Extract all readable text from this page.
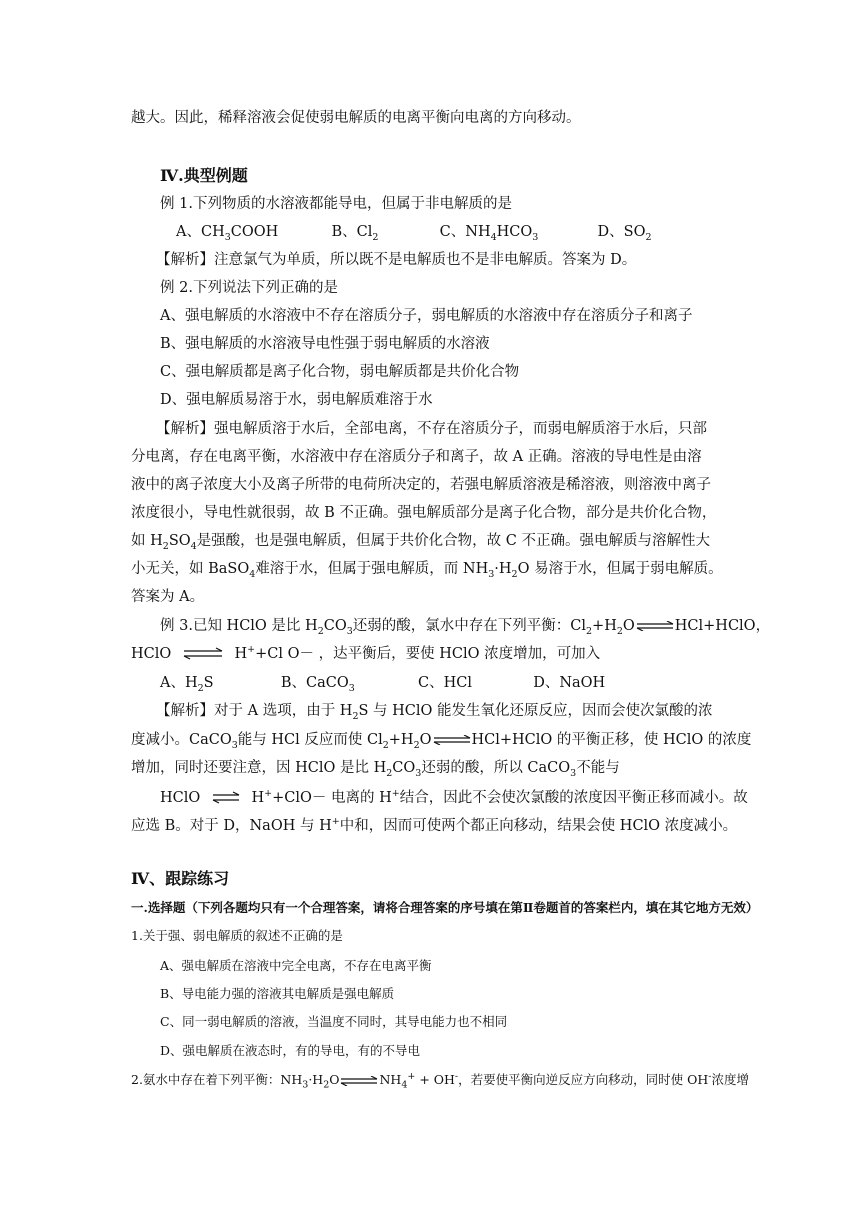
越大。因此，稀释溶液会促使弱电解质的电离平衡向电离的方向移动。
Ⅳ.典型例题
例 1.下列物质的水溶液都能导电，但属于非电解质的是
A、$CH_3COOH$	B、$Cl_2$	C、$NH_4HCO_3$	D、$SO_2$
【解析】注意氯气为单质，所以既不是电解质也不是非电解质。答案为 D。
例 2.下列说法下列正确的是
A、强电解质的水溶液中不存在溶质分子，弱电解质的水溶液中存在溶质分子和离子
B、强电解质的水溶液导电性强于弱电解质的水溶液
C、强电解质都是离子化合物，弱电解质都是共价化合物
D、强电解质易溶于水，弱电解质难溶于水
【解析】强电解质溶于水后，全部电离，不存在溶质分子，而弱电解质溶于水后，只部
分电离，存在电离平衡，水溶液中存在溶质分子和离子，故 A 正确。溶液的导电性是由溶
液中的离子浓度大小及离子所带的电荷所决定的，若强电解质溶液是稀溶液，则溶液中离子
浓度很小，导电性就很弱，故 B 不正确。强电解质部分是离子化合物，部分是共价化合物，
如 $H_2SO_4$是强酸，也是强电解质，但属于共价化合物，故 C 不正确。强电解质与溶解性大
小无关，如 BaSO$_4$难溶于水，但属于强电解质，而 $NH_3\cdot H_2O$ 易溶于水，但属于弱电解质。
答案为 A。
例 3.已知 HClO 是比 $H_2CO_3$还弱的酸，氯水中存在下列平衡：$Cl_2+H_2O\rightleftharpoons HCl+HClO$，
HClO ⇌ H++Cl O－ ，达平衡后，要使 HClO 浓度增加，可加入
A、$H_2S$	B、CaCO$_3$	C、HCl	D、NaOH
【解析】对于 A 选项，由于 $H_2S$ 与 HClO 能发生氧化还原反应，因而会使次氯酸的浓
度减小。CaCO$_3$能与 HCl 反应而使 $Cl_2+H_2O\rightleftharpoons HCl+HClO$ 的平衡正移，使 HClO 的浓度
增加，同时还要注意，因 HClO 是比 $H_2CO_3$还弱的酸，所以 CaCO$_3$不能与
HClO ⇌ H++ClO－ 电离的 H+结合，因此不会使次氯酸的浓度因平衡正移而减小。故
应选 B。对于 D，NaOH 与 H+中和，因而可使两个都正向移动，结果会使 HClO 浓度减小。
Ⅳ、跟踪练习
一.选择题（下列各题均只有一个合理答案，请将合理答案的序号填在第Ⅱ卷题首的答案栏内，填在其它地方无效）
1.关于强、弱电解质的叙述不正确的是
A、强电解质在溶液中完全电离，不存在电离平衡
B、导电能力强的溶液其电解质是强电解质
C、同一弱电解质的溶液，当温度不同时，其导电能力也不相同
D、强电解质在液态时，有的导电，有的不导电
2.氨水中存在着下列平衡：$NH_3\cdot H_2O\rightleftharpoons NH_4^+ + OH^-$，若要使平衡向逆反应方向移动，同时使 OH-浓度增
